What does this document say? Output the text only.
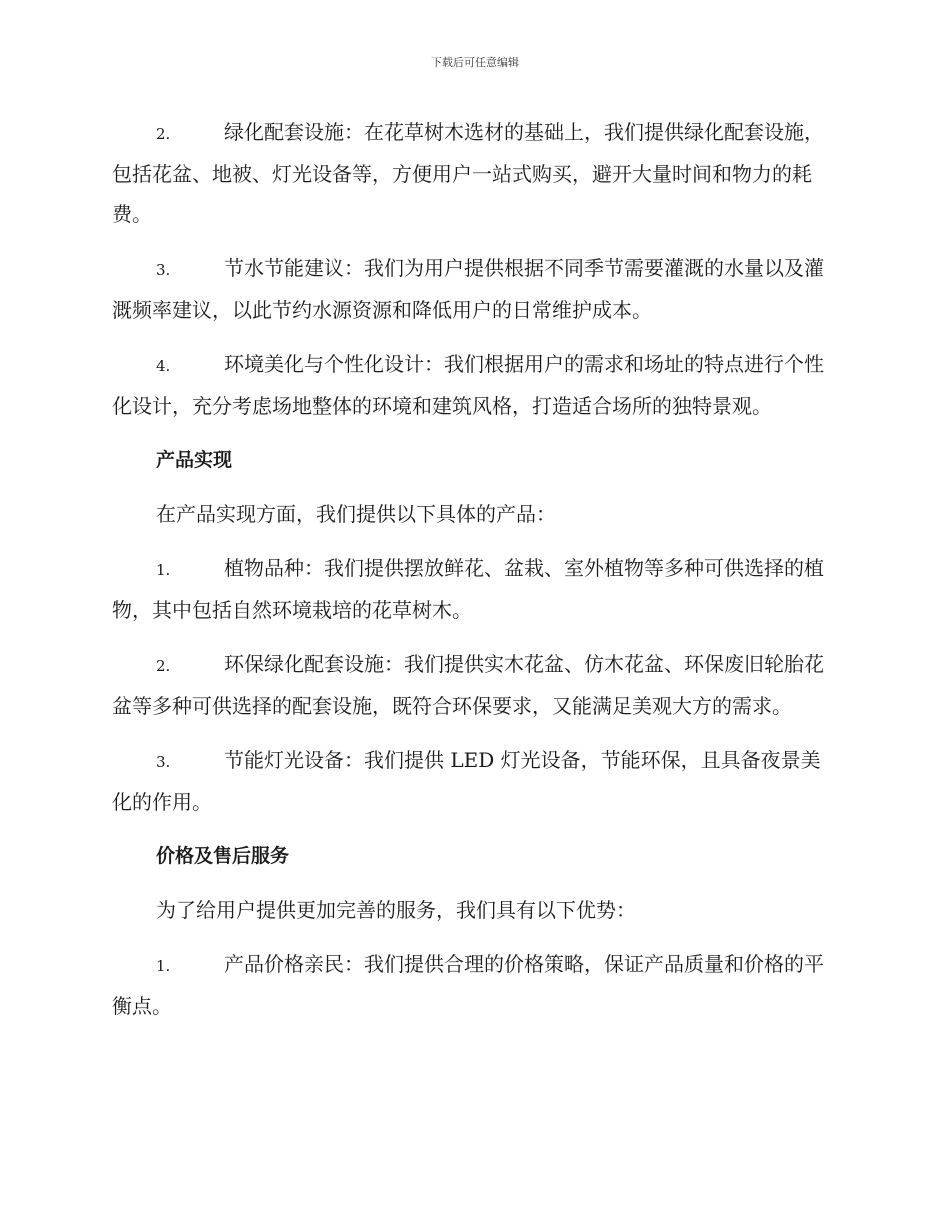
下载后可任意编辑

2.	绿化配套设施：在花草树木选材的基础上，我们提供绿化配套设施，包括花盆、地被、灯光设备等，方便用户一站式购买，避开大量时间和物力的耗费。

3.	节水节能建议：我们为用户提供根据不同季节需要灌溉的水量以及灌溉频率建议，以此节约水源资源和降低用户的日常维护成本。

4.	环境美化与个性化设计：我们根据用户的需求和场址的特点进行个性化设计，充分考虑场地整体的环境和建筑风格，打造适合场所的独特景观。

产品实现

在产品实现方面，我们提供以下具体的产品：

1.	植物品种：我们提供摆放鲜花、盆栽、室外植物等多种可供选择的植物，其中包括自然环境栽培的花草树木。

2.	环保绿化配套设施：我们提供实木花盆、仿木花盆、环保废旧轮胎花盆等多种可供选择的配套设施，既符合环保要求，又能满足美观大方的需求。

3.	节能灯光设备：我们提供 LED 灯光设备，节能环保，且具备夜景美化的作用。

价格及售后服务

为了给用户提供更加完善的服务，我们具有以下优势：

1.	产品价格亲民：我们提供合理的价格策略，保证产品质量和价格的平衡点。
